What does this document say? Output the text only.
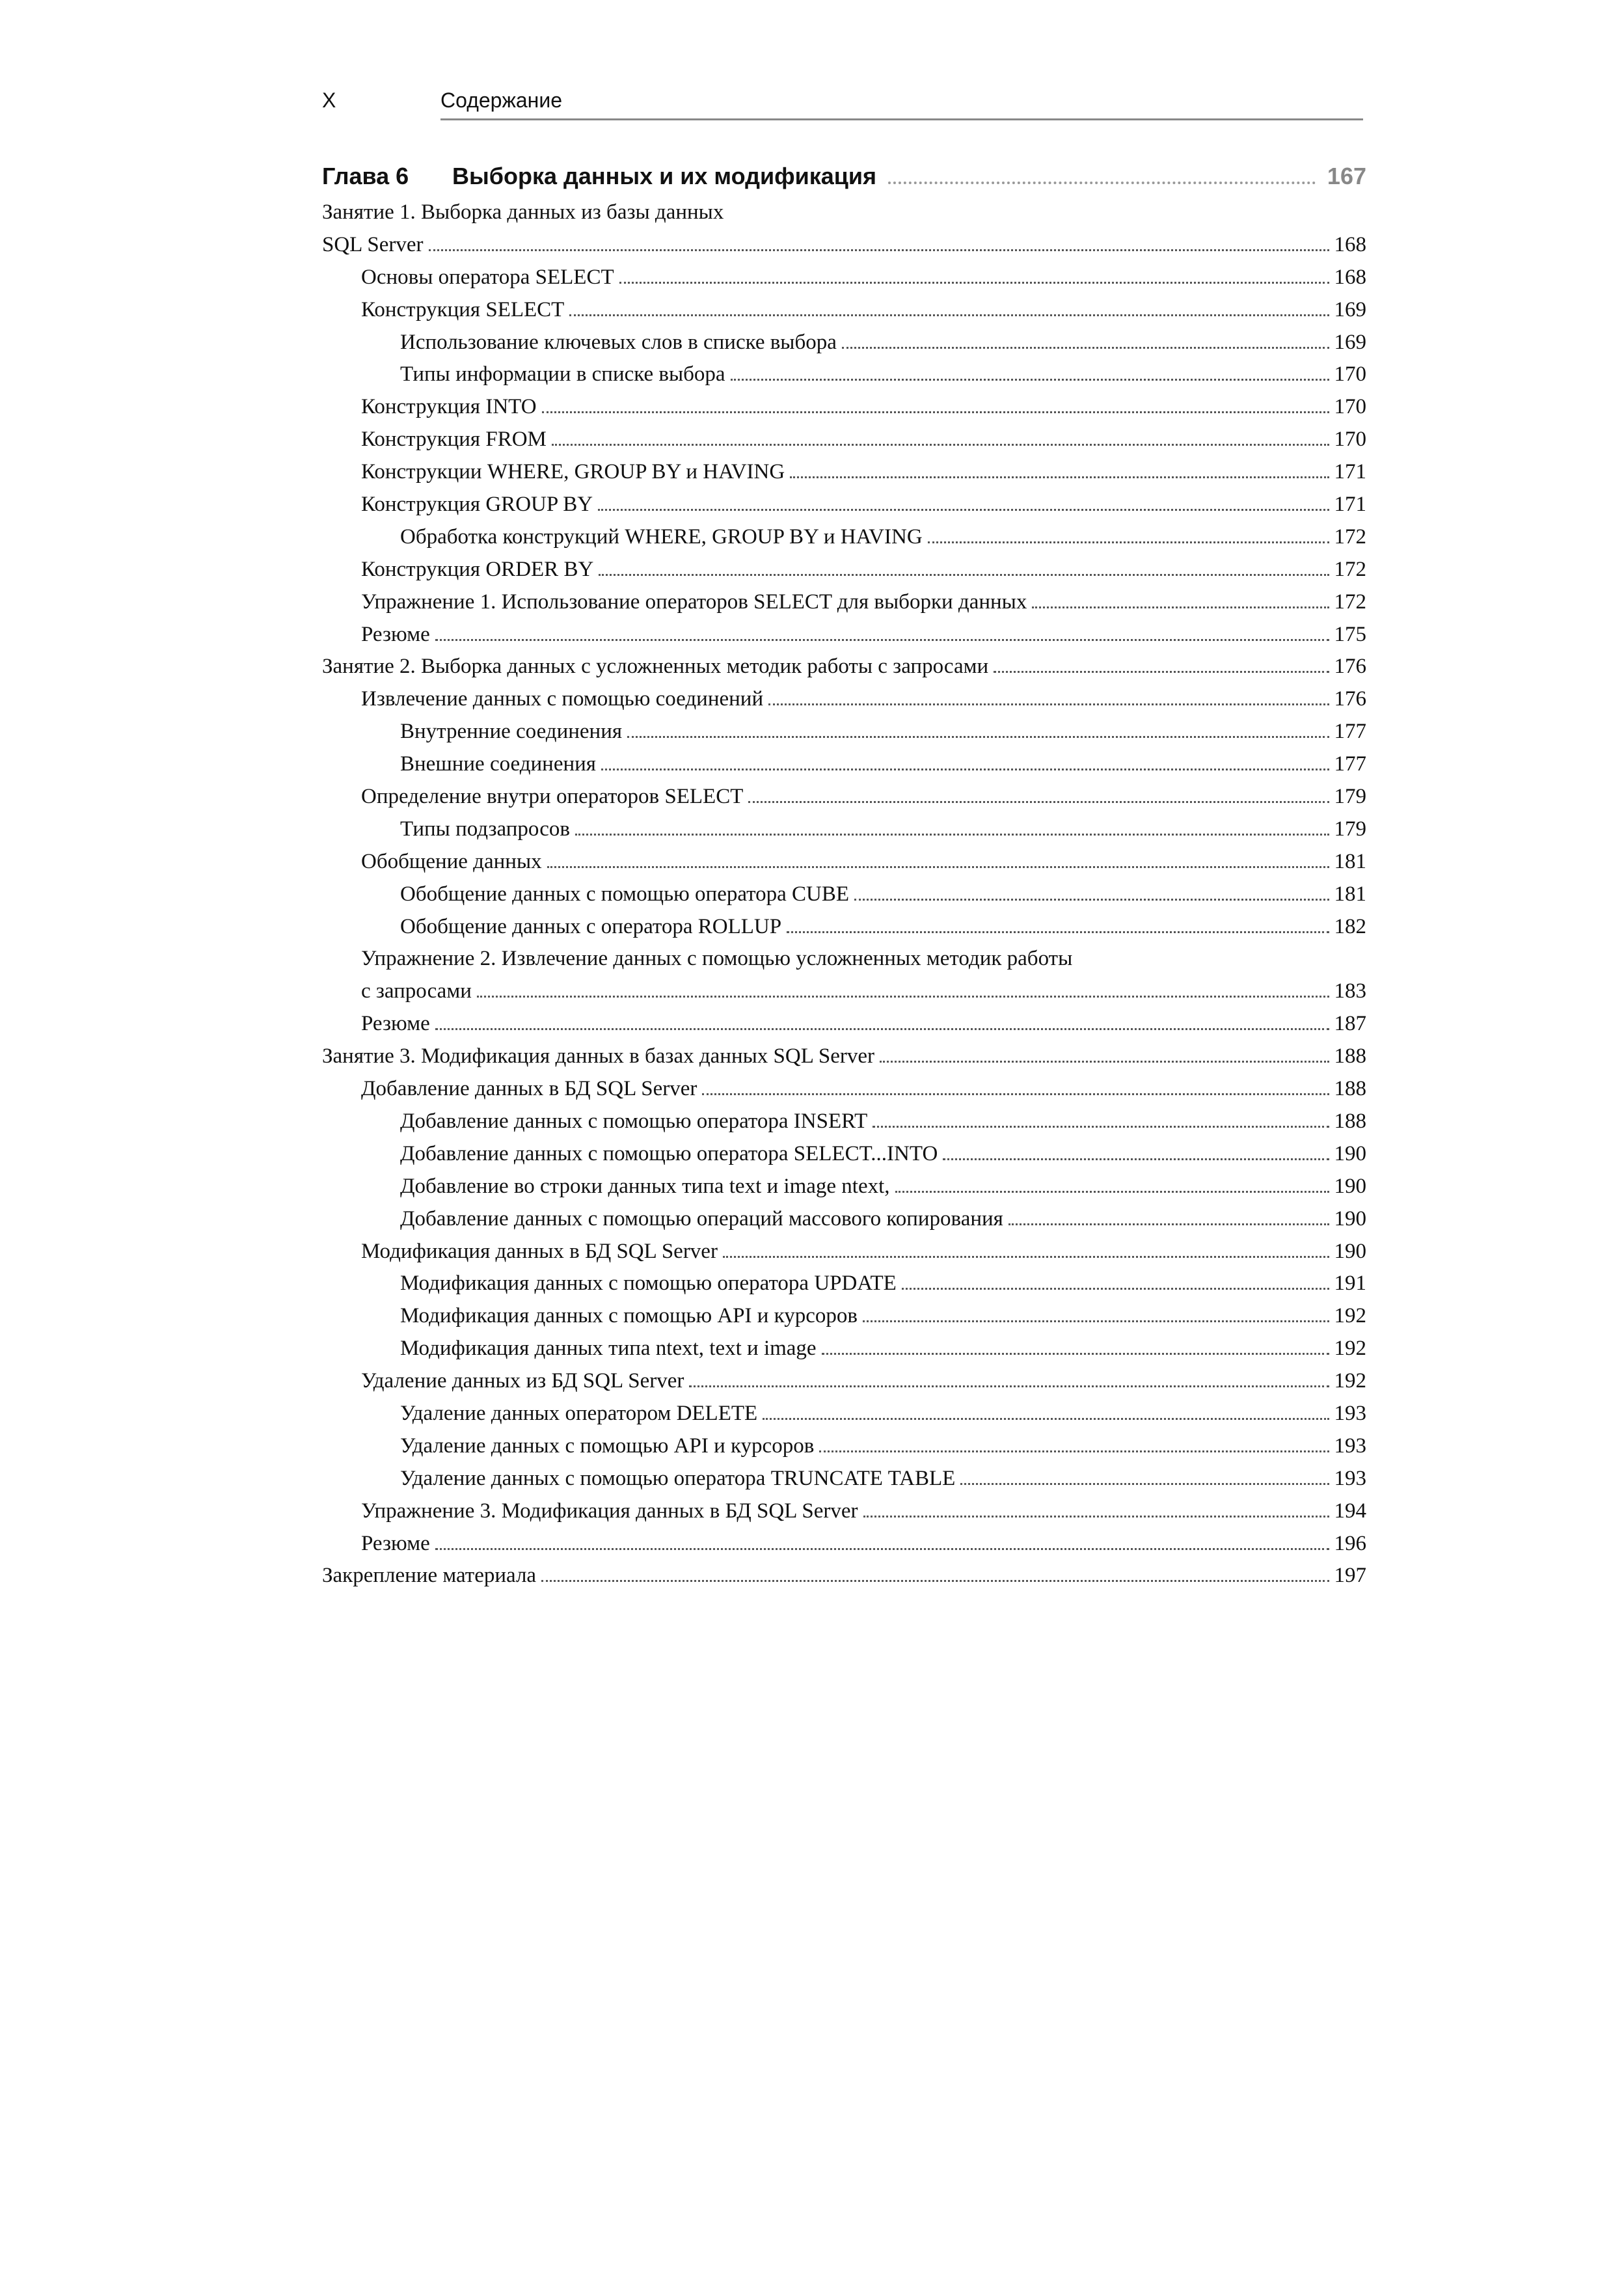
X	Содержание
Глава 6	Выборка данных и их модификация	167
Занятие 1. Выборка данных из базы данных
SQL Server	168
Основы оператора SELECT	168
Конструкция SELECT	169
Использование ключевых слов в списке выбора	169
Типы информации в списке выбора	170
Конструкция INTO	170
Конструкция FROM	170
Конструкции WHERE, GROUP BY и HAVING	171
Конструкция GROUP BY	171
Обработка конструкций WHERE, GROUP BY и HAVING	172
Конструкция ORDER BY	172
Упражнение 1. Использование операторов SELECT для выборки данных	172
Резюме	175
Занятие 2. Выборка данных с усложненных методик работы с запросами	176
Извлечение данных с помощью соединений	176
Внутренние соединения	177
Внешние соединения	177
Определение внутри операторов SELECT	179
Типы подзапросов	179
Обобщение данных	181
Обобщение данных с помощью оператора CUBE	181
Обобщение данных с оператора ROLLUP	182
Упражнение 2. Извлечение данных с помощью усложненных методик работы
с запросами	183
Резюме	187
Занятие 3. Модификация данных в базах данных SQL Server	188
Добавление данных в БД SQL Server	188
Добавление данных с помощью оператора INSERT	188
Добавление данных с помощью оператора SELECT...INTO	190
Добавление во строки данных типа text и image ntext,	190
Добавление данных с помощью операций массового копирования	190
Модификация данных в БД SQL Server	190
Модификация данных с помощью оператора UPDATE	191
Модификация данных с помощью API и курсоров	192
Модификация данных типа ntext, text и image	192
Удаление данных из БД SQL Server	192
Удаление данных оператором DELETE	193
Удаление данных с помощью API и курсоров	193
Удаление данных с помощью оператора TRUNCATE TABLE	193
Упражнение 3. Модификация данных в БД SQL Server	194
Резюме	196
Закрепление материала	197
